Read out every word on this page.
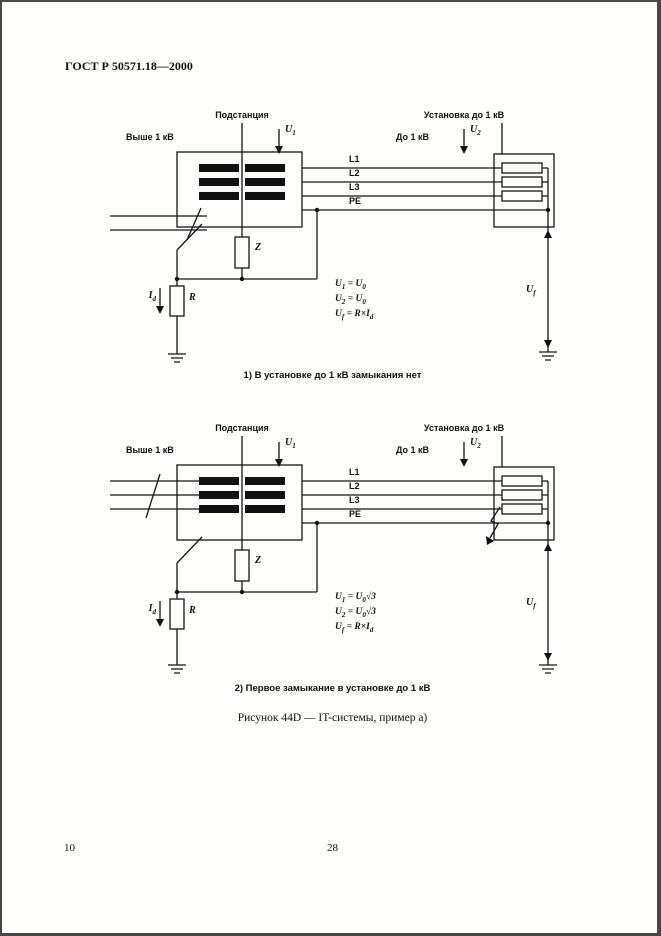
ГОСТ Р 50571.18—2000
Подстанция	Установка до 1 кВ
Выше 1 кВ	До 1 кВ
$U_1$	$U_2$
L1
L2
L3
PE
Z
R
$I_d$
$U_f$
$U_1 = U_0$
$U_2 = U_0$
$U_f = R\times I_d$
1) В установке до 1 кВ замыкания нет
Подстанция	Установка до 1 кВ
Выше 1 кВ	До 1 кВ
$U_1$	$U_2$
L1
L2
L3
PE
Z
R
$I_d$
$U_f$
$U_1 = U_0√3$
$U_2 = U_0√3$
$U_f = R\times I_d$
2) Первое замыкание в установке до 1 кВ
Рисунок 44D — IT-системы, пример а)
10	28
